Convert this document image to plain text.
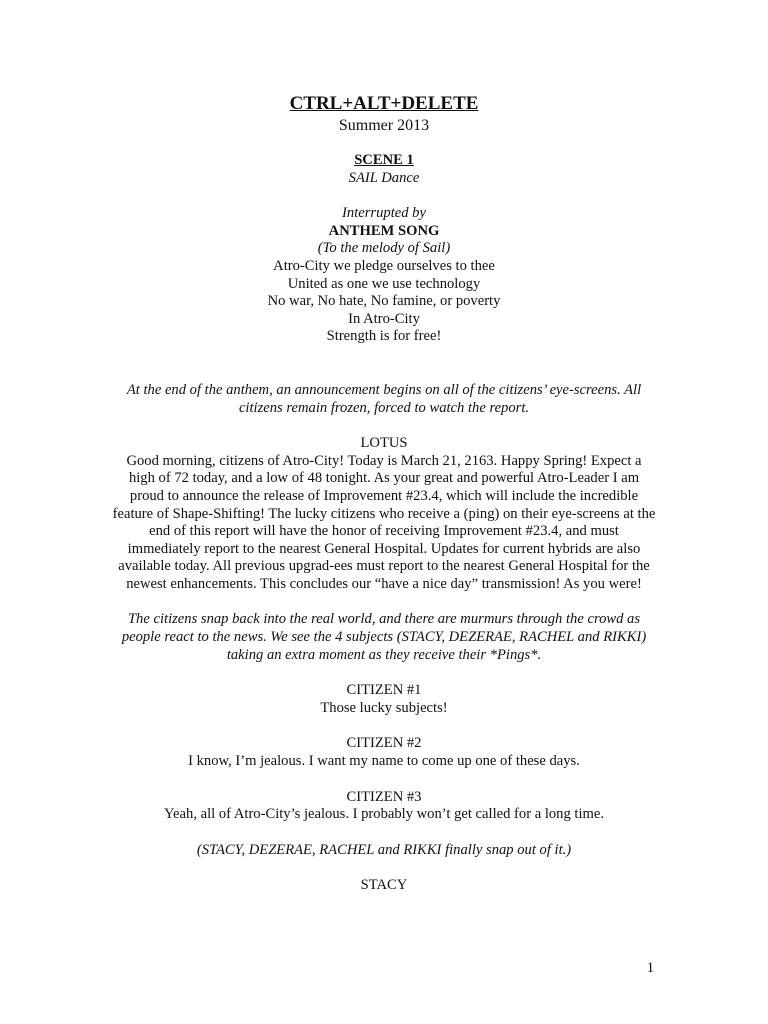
CTRL+ALT+DELETE
Summer 2013
SCENE 1
SAIL Dance
Interrupted by
ANTHEM SONG
(To the melody of Sail)
Atro-City we pledge ourselves to thee
United as one we use technology
No war, No hate, No famine, or poverty
In Atro-City
Strength is for free!

At the end of the anthem, an announcement begins on all of the citizens’ eye-screens. All citizens remain frozen, forced to watch the report.

LOTUS

Good morning, citizens of Atro-City! Today is March 21, 2163. Happy Spring! Expect a high of 72 today, and a low of 48 tonight. As your great and powerful Atro-Leader I am proud to announce the release of Improvement #23.4, which will include the incredible feature of Shape-Shifting! The lucky citizens who receive a (ping) on their eye-screens at the end of this report will have the honor of receiving Improvement #23.4, and must immediately report to the nearest General Hospital. Updates for current hybrids are also available today. All previous upgrad-ees must report to the nearest General Hospital for the newest enhancements. This concludes our “have a nice day” transmission! As you were!

The citizens snap back into the real world, and there are murmurs through the crowd as people react to the news. We see the 4 subjects (STACY, DEZERAE, RACHEL and RIKKI) taking an extra moment as they receive their *Pings*.

CITIZEN #1
Those lucky subjects!
CITIZEN #2
I know, I’m jealous. I want my name to come up one of these days.
CITIZEN #3
Yeah, all of Atro-City’s jealous. I probably won’t get called for a long time.
(STACY, DEZERAE, RACHEL and RIKKI finally snap out of it.)
STACY
1
